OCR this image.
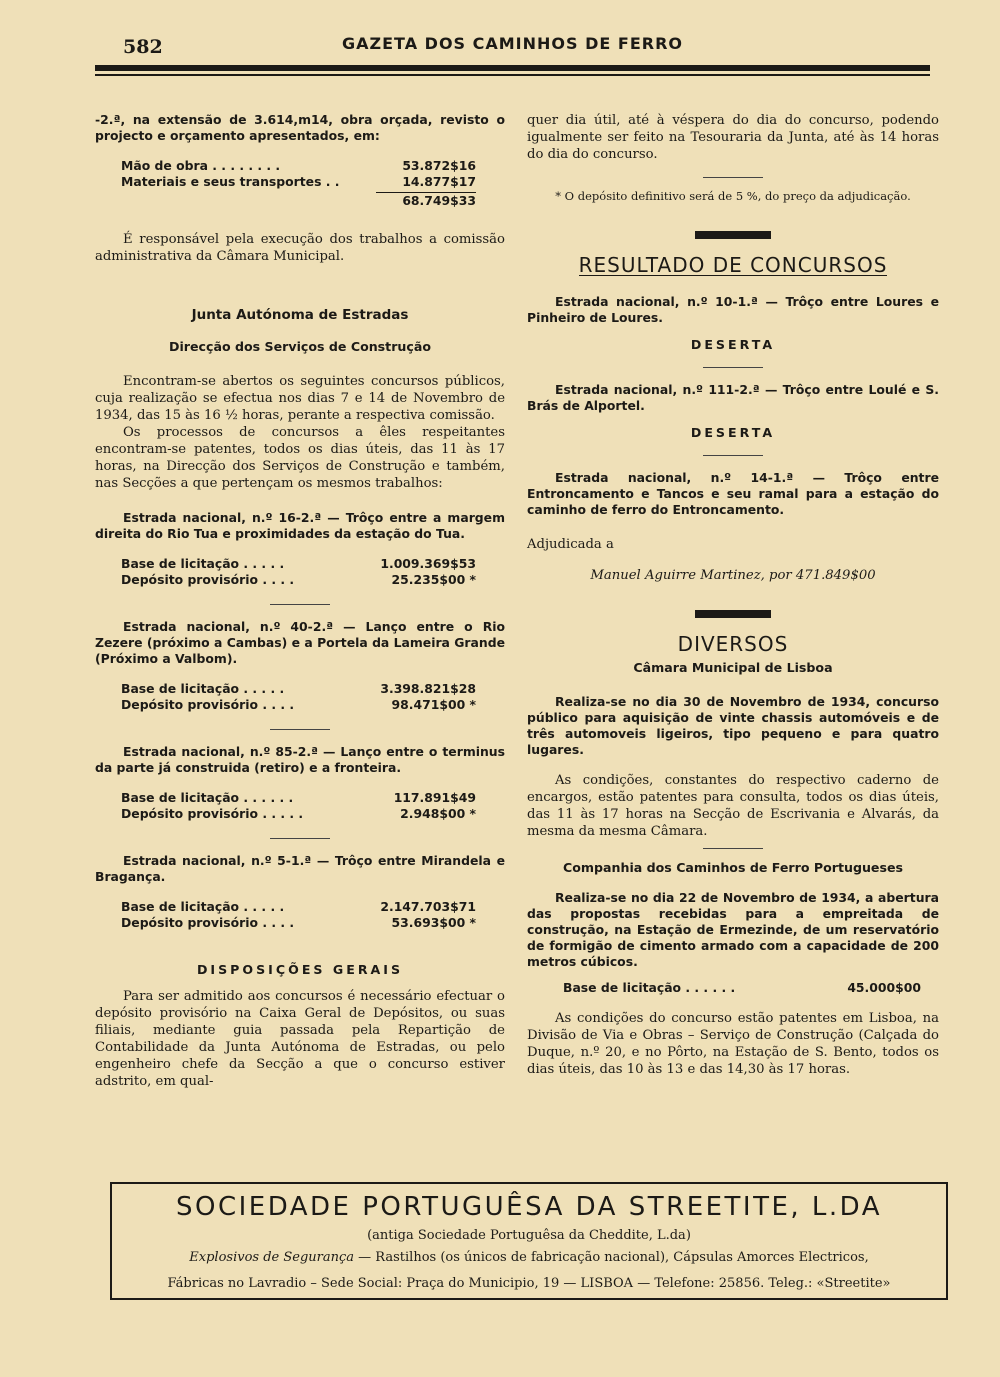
582	GAZETA DOS CAMINHOS DE FERRO

-2.ª, na extensão de 3.614,m14, obra orçada, revisto o projecto e orçamento apresentados, em:

Mão de obra . . . . . . . .	53.872$16
Materiais e seus transportes . .	14.877$17
68.749$33

É responsável pela execução dos trabalhos a comissão administrativa da Câmara Municipal.

Junta Autónoma de Estradas

Direcção dos Serviços de Construção

Encontram-se abertos os seguintes concursos públicos, cuja realização se efectua nos dias 7 e 14 de Novembro de 1934, das 15 às 16 ½ horas, perante a respectiva comissão.

Os processos de concursos a êles respeitantes encontram-se patentes, todos os dias úteis, das 11 às 17 horas, na Direcção dos Serviços de Construção e também, nas Secções a que pertençam os mesmos trabalhos:

Estrada nacional, n.º 16-2.ª — Trôço entre a margem direita do Rio Tua e proximidades da estação do Tua.

Base de licitação . . . . .	1.009.369$53
Depósito provisório . . . .	25.235$00 *

Estrada nacional, n.º 40-2.ª — Lanço entre o Rio Zezere (próximo a Cambas) e a Portela da Lameira Grande (Próximo a Valbom).

Base de licitação . . . . .	3.398.821$28
Depósito provisório . . . .	98.471$00 *

Estrada nacional, n.º 85-2.ª — Lanço entre o terminus da parte já construida (retiro) e a fronteira.

Base de licitação . . . . . .	117.891$49
Depósito provisório . . . . .	2.948$00 *

Estrada nacional, n.º 5-1.ª — Trôço entre Mirandela e Bragança.

Base de licitação . . . . .	2.147.703$71
Depósito provisório . . . .	53.693$00 *

DISPOSIÇÕES GERAIS

Para ser admitido aos concursos é necessário efectuar o depósito provisório na Caixa Geral de Depósitos, ou suas filiais, mediante guia passada pela Repartição de Contabilidade da Junta Autónoma de Estradas, ou pelo engenheiro chefe da Secção a que o concurso estiver adstrito, em qual-

quer dia útil, até à véspera do dia do concurso, podendo igualmente ser feito na Tesouraria da Junta, até às 14 horas do dia do concurso.

* O depósito definitivo será de 5 %, do preço da adjudicação.

RESULTADO DE CONCURSOS

Estrada nacional, n.º 10-1.ª — Trôço entre Loures e Pinheiro de Loures.

DESERTA

Estrada nacional, n.º 111-2.ª — Trôço entre Loulé e S. Brás de Alportel.

DESERTA

Estrada nacional, n.º 14-1.ª — Trôço entre Entroncamento e Tancos e seu ramal para a estação do caminho de ferro do Entroncamento.

Adjudicada a

Manuel Aguirre Martinez, por 471.849$00

DIVERSOS

Câmara Municipal de Lisboa

Realiza-se no dia 30 de Novembro de 1934, concurso público para aquisição de vinte chassis automóveis e de três automoveis ligeiros, tipo pequeno e para quatro lugares.

As condições, constantes do respectivo caderno de encargos, estão patentes para consulta, todos os dias úteis, das 11 às 17 horas na Secção de Escrivania e Alvarás, da mesma da mesma Câmara.

Companhia dos Caminhos de Ferro Portugueses

Realiza-se no dia 22 de Novembro de 1934, a abertura das propostas recebidas para a empreitada de construção, na Estação de Ermezinde, de um reservatório de formigão de cimento armado com a capacidade de 200 metros cúbicos.

Base de licitação . . . . . .	45.000$00

As condições do concurso estão patentes em Lisboa, na Divisão de Via e Obras – Serviço de Construção (Calçada do Duque, n.º 20, e no Pôrto, na Estação de S. Bento, todos os dias úteis, das 10 às 13 e das 14,30 às 17 horas.

SOCIEDADE PORTUGUÊSA DA STREETITE, L.DA
(antiga Sociedade Portuguêsa da Cheddite, L.da)
Explosivos de Segurança — Rastilhos (os únicos de fabricação nacional), Cápsulas Amorces Electricos,
Fábricas no Lavradio – Sede Social: Praça do Municipio, 19 — LISBOA — Telefone: 25856. Teleg.: «Streetite»
